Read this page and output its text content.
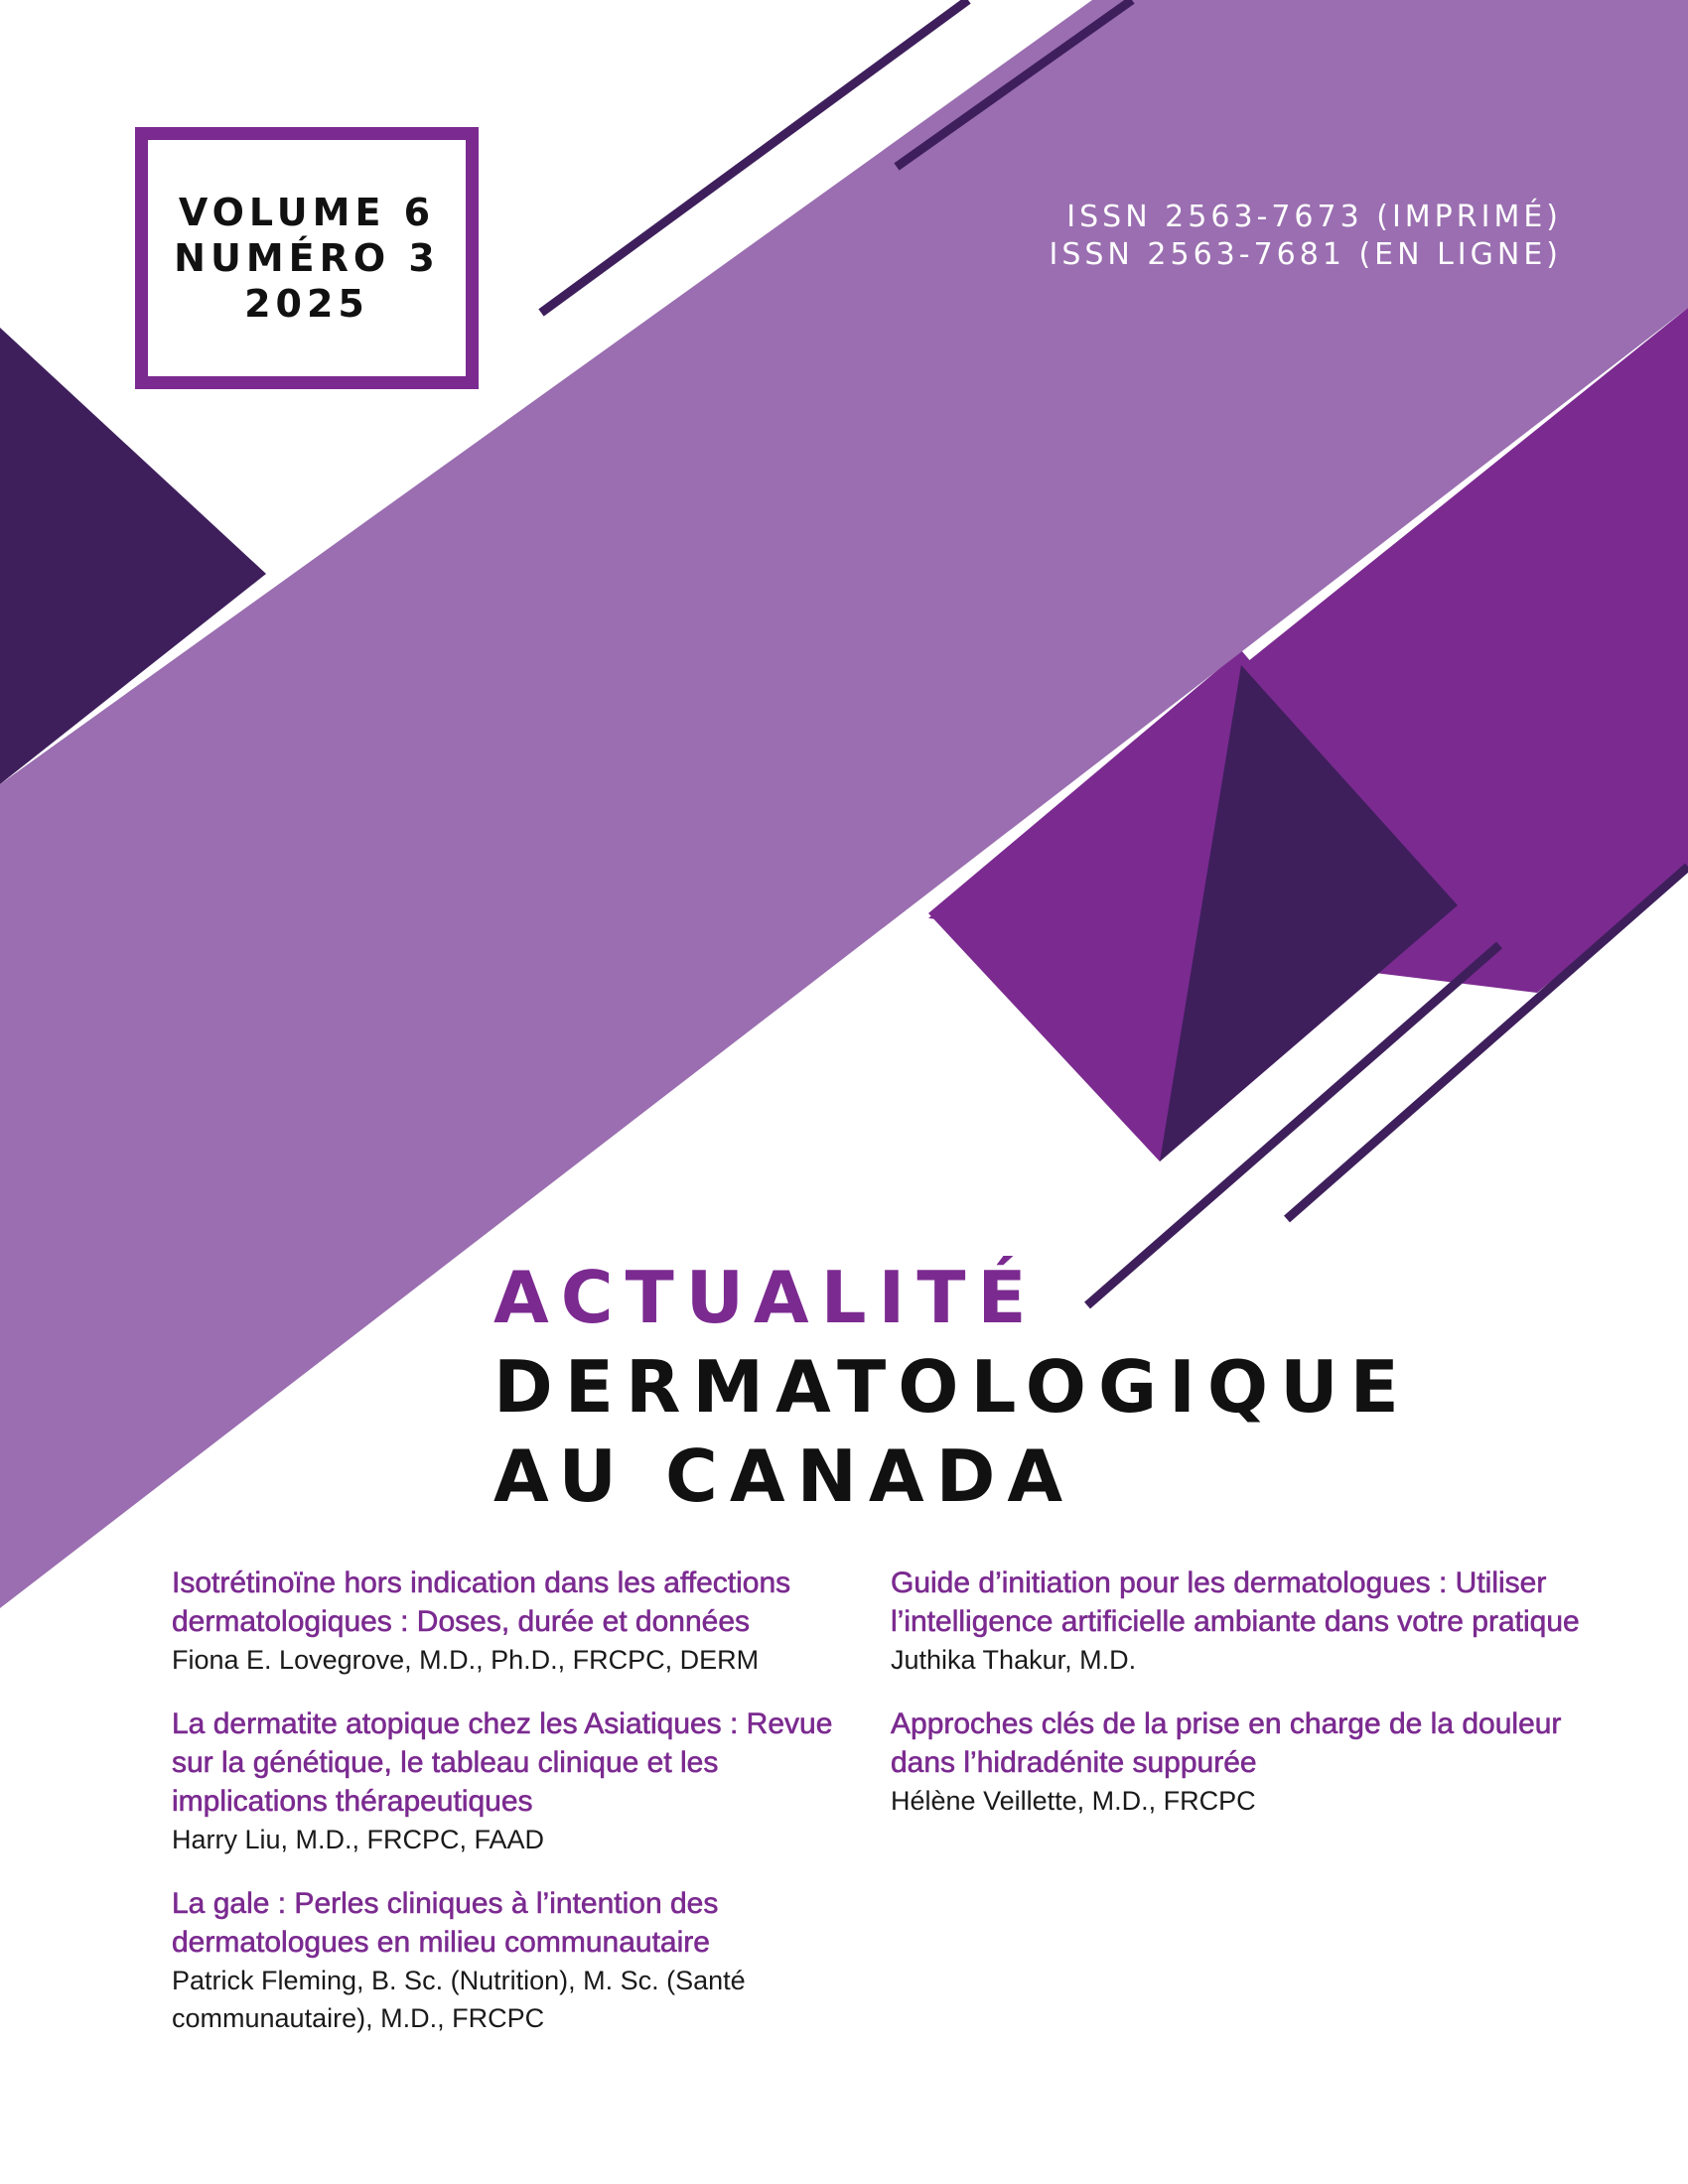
VOLUME 6
NUMÉRO 3
2025
ISSN 2563-7673 (IMPRIMÉ)
ISSN 2563-7681 (EN LIGNE)
ACTUALITÉ
DERMATOLOGIQUE
AU CANADA
Isotrétinoïne hors indication dans les affections dermatologiques : Doses, durée et données
Fiona E. Lovegrove, M.D., Ph.D., FRCPC, DERM
La dermatite atopique chez les Asiatiques : Revue sur la génétique, le tableau clinique et les implications thérapeutiques
Harry Liu, M.D., FRCPC, FAAD
La gale : Perles cliniques à l’intention des dermatologues en milieu communautaire
Patrick Fleming, B. Sc. (Nutrition), M. Sc. (Santé communautaire), M.D., FRCPC
Guide d’initiation pour les dermatologues : Utiliser l’intelligence artificielle ambiante dans votre pratique
Juthika Thakur, M.D.
Approches clés de la prise en charge de la douleur dans l’hidradénite suppurée
Hélène Veillette, M.D., FRCPC
